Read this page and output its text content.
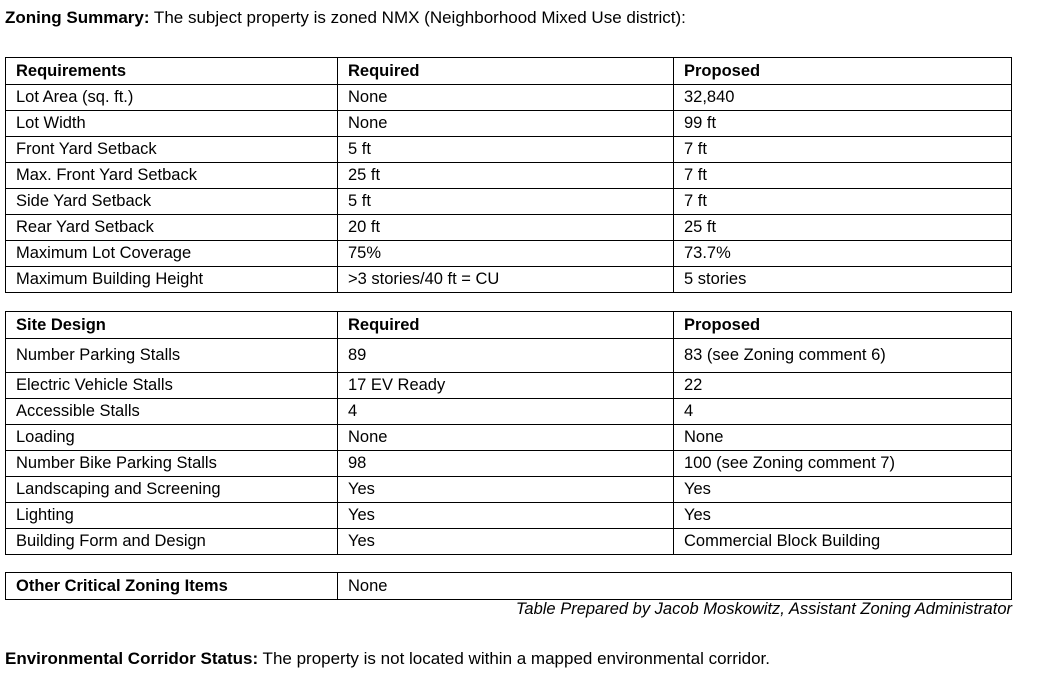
Zoning Summary: The subject property is zoned NMX (Neighborhood Mixed Use district):
Requirements	Required	Proposed
Lot Area (sq. ft.)	None	32,840
Lot Width	None	99 ft
Front Yard Setback	5 ft	7 ft
Max. Front Yard Setback	25 ft	7 ft
Side Yard Setback	5 ft	7 ft
Rear Yard Setback	20 ft	25 ft
Maximum Lot Coverage	75%	73.7%
Maximum Building Height	>3 stories/40 ft = CU	5 stories
Site Design	Required	Proposed
Number Parking Stalls	89	83 (see Zoning comment 6)
Electric Vehicle Stalls	17 EV Ready	22
Accessible Stalls	4	4
Loading	None	None
Number Bike Parking Stalls	98	100 (see Zoning comment 7)
Landscaping and Screening	Yes	Yes
Lighting	Yes	Yes
Building Form and Design	Yes	Commercial Block Building
Other Critical Zoning Items	None
Table Prepared by Jacob Moskowitz, Assistant Zoning Administrator
Environmental Corridor Status: The property is not located within a mapped environmental corridor.
